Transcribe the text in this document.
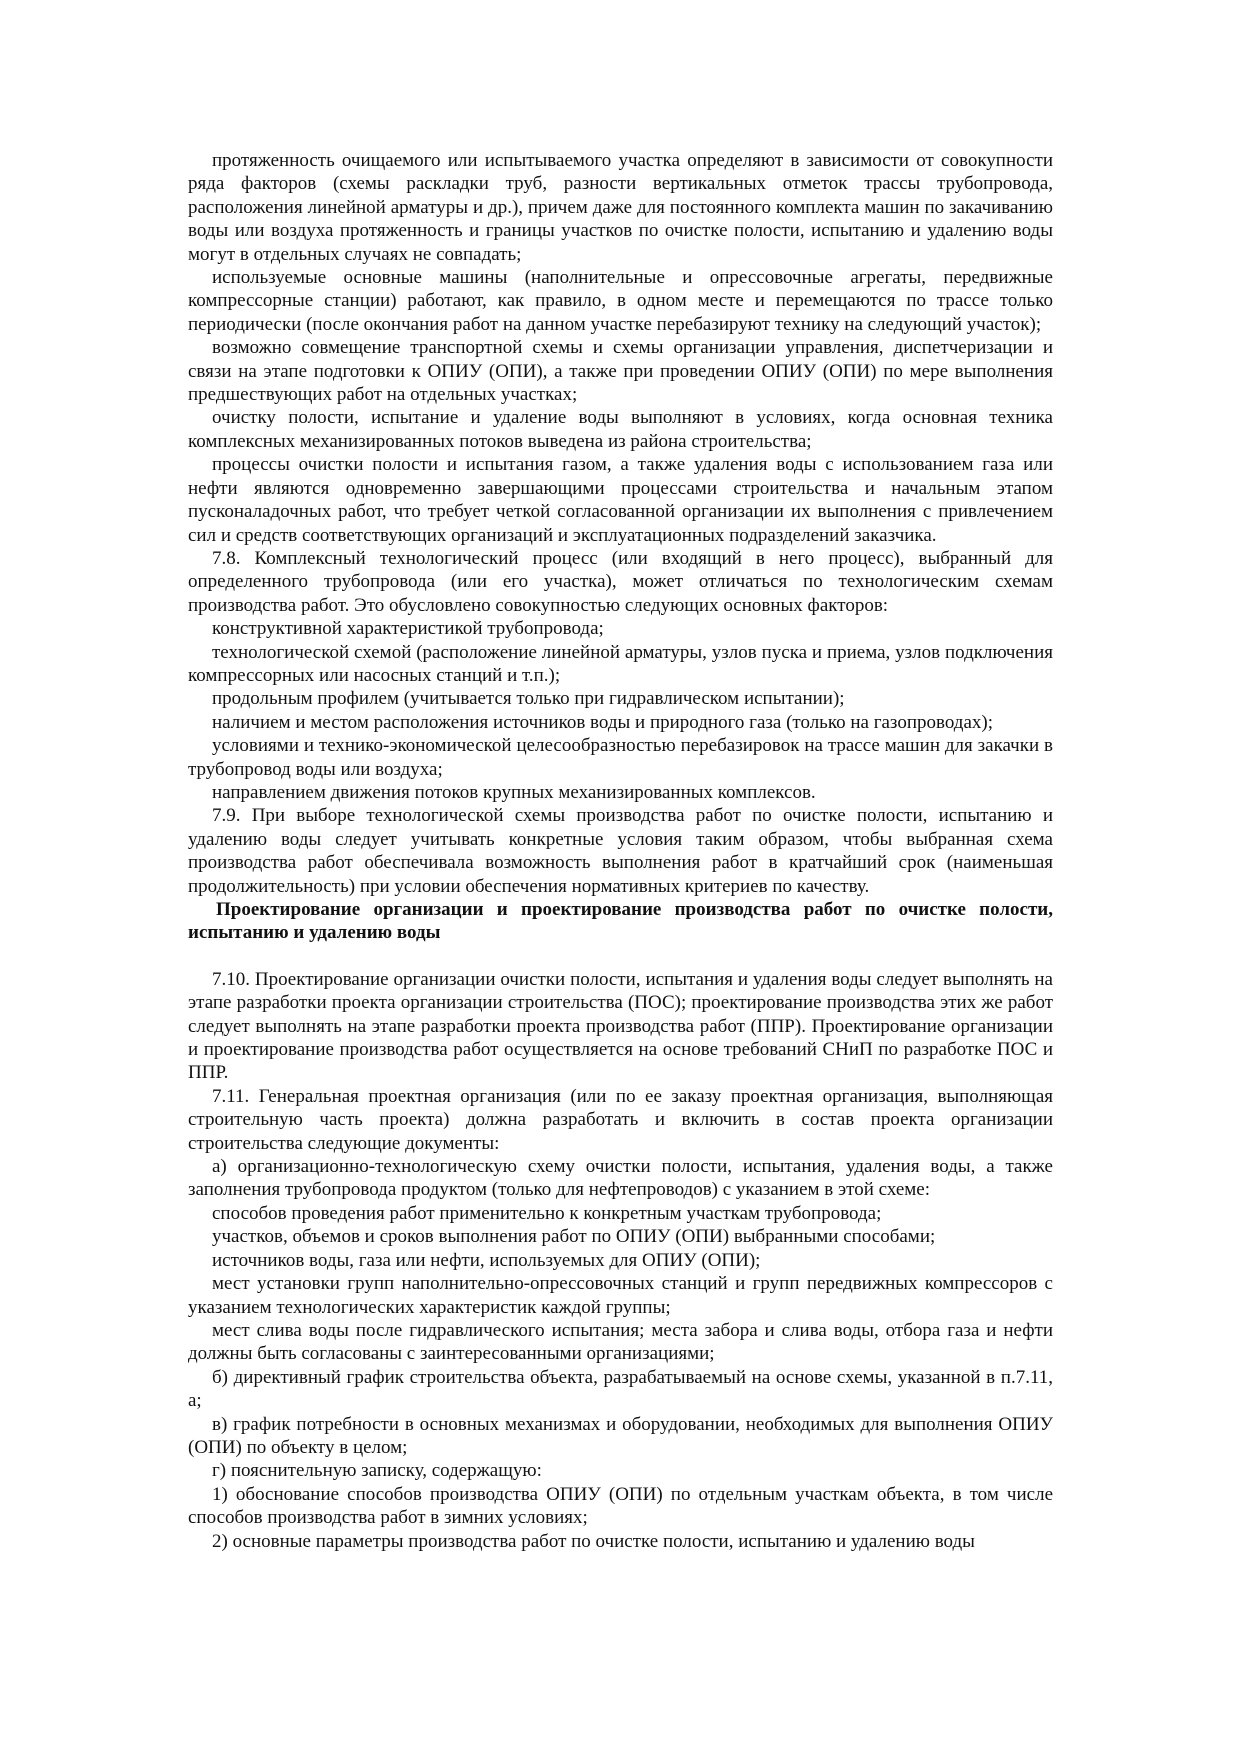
протяженность очищаемого или испытываемого участка определяют в зависимости от совокупности ряда факторов (схемы раскладки труб, разности вертикальных отметок трассы трубопровода, расположения линейной арматуры и др.), причем даже для постоянного комплекта машин по закачиванию воды или воздуха протяженность и границы участков по очистке полости, испытанию и удалению воды могут в отдельных случаях не совпадать;

используемые основные машины (наполнительные и опрессовочные агрегаты, передвижные компрессорные станции) работают, как правило, в одном месте и перемещаются по трассе только периодически (после окончания работ на данном участке перебазируют технику на следующий участок);

возможно совмещение транспортной схемы и схемы организации управления, диспетчеризации и связи на этапе подготовки к ОПИУ (ОПИ), а также при проведении ОПИУ (ОПИ) по мере выполнения предшествующих работ на отдельных участках;

очистку полости, испытание и удаление воды выполняют в условиях, когда основная техника комплексных механизированных потоков выведена из района строительства;

процессы очистки полости и испытания газом, а также удаления воды с использованием газа или нефти являются одновременно завершающими процессами строительства и начальным этапом пусконаладочных работ, что требует четкой согласованной организации их выполнения с привлечением сил и средств соответствующих организаций и эксплуатационных подразделений заказчика.

7.8. Комплексный технологический процесс (или входящий в него процесс), выбранный для определенного трубопровода (или его участка), может отличаться по технологическим схемам производства работ. Это обусловлено совокупностью следующих основных факторов:

конструктивной характеристикой трубопровода;

технологической схемой (расположение линейной арматуры, узлов пуска и приема, узлов подключения компрессорных или насосных станций и т.п.);

продольным профилем (учитывается только при гидравлическом испытании);

наличием и местом расположения источников воды и природного газа (только на газопроводах);

условиями и технико-экономической целесообразностью перебазировок на трассе машин для закачки в трубопровод воды или воздуха;

направлением движения потоков крупных механизированных комплексов.

7.9. При выборе технологической схемы производства работ по очистке полости, испытанию и удалению воды следует учитывать конкретные условия таким образом, чтобы выбранная схема производства работ обеспечивала возможность выполнения работ в кратчайший срок (наименьшая продолжительность) при условии обеспечения нормативных критериев по качеству.

Проектирование организации и проектирование производства работ по очистке полости, испытанию и удалению воды

7.10. Проектирование организации очистки полости, испытания и удаления воды следует выполнять на этапе разработки проекта организации строительства (ПОС); проектирование производства этих же работ следует выполнять на этапе разработки проекта производства работ (ППР). Проектирование организации и проектирование производства работ осуществляется на основе требований СНиП по разработке ПОС и ППР.

7.11. Генеральная проектная организация (или по ее заказу проектная организация, выполняющая строительную часть проекта) должна разработать и включить в состав проекта организации строительства следующие документы:

а) организационно-технологическую схему очистки полости, испытания, удаления воды, а также заполнения трубопровода продуктом (только для нефтепроводов) с указанием в этой схеме:

способов проведения работ применительно к конкретным участкам трубопровода;

участков, объемов и сроков выполнения работ по ОПИУ (ОПИ) выбранными способами;

источников воды, газа или нефти, используемых для ОПИУ (ОПИ);

мест установки групп наполнительно-опрессовочных станций и групп передвижных компрессоров с указанием технологических характеристик каждой группы;

мест слива воды после гидравлического испытания; места забора и слива воды, отбора газа и нефти должны быть согласованы с заинтересованными организациями;

б) директивный график строительства объекта, разрабатываемый на основе схемы, указанной в п.7.11, а;

в) график потребности в основных механизмах и оборудовании, необходимых для выполнения ОПИУ (ОПИ) по объекту в целом;

г) пояснительную записку, содержащую:

1) обоснование способов производства ОПИУ (ОПИ) по отдельным участкам объекта, в том числе способов производства работ в зимних условиях;

2) основные параметры производства работ по очистке полости, испытанию и удалению воды
